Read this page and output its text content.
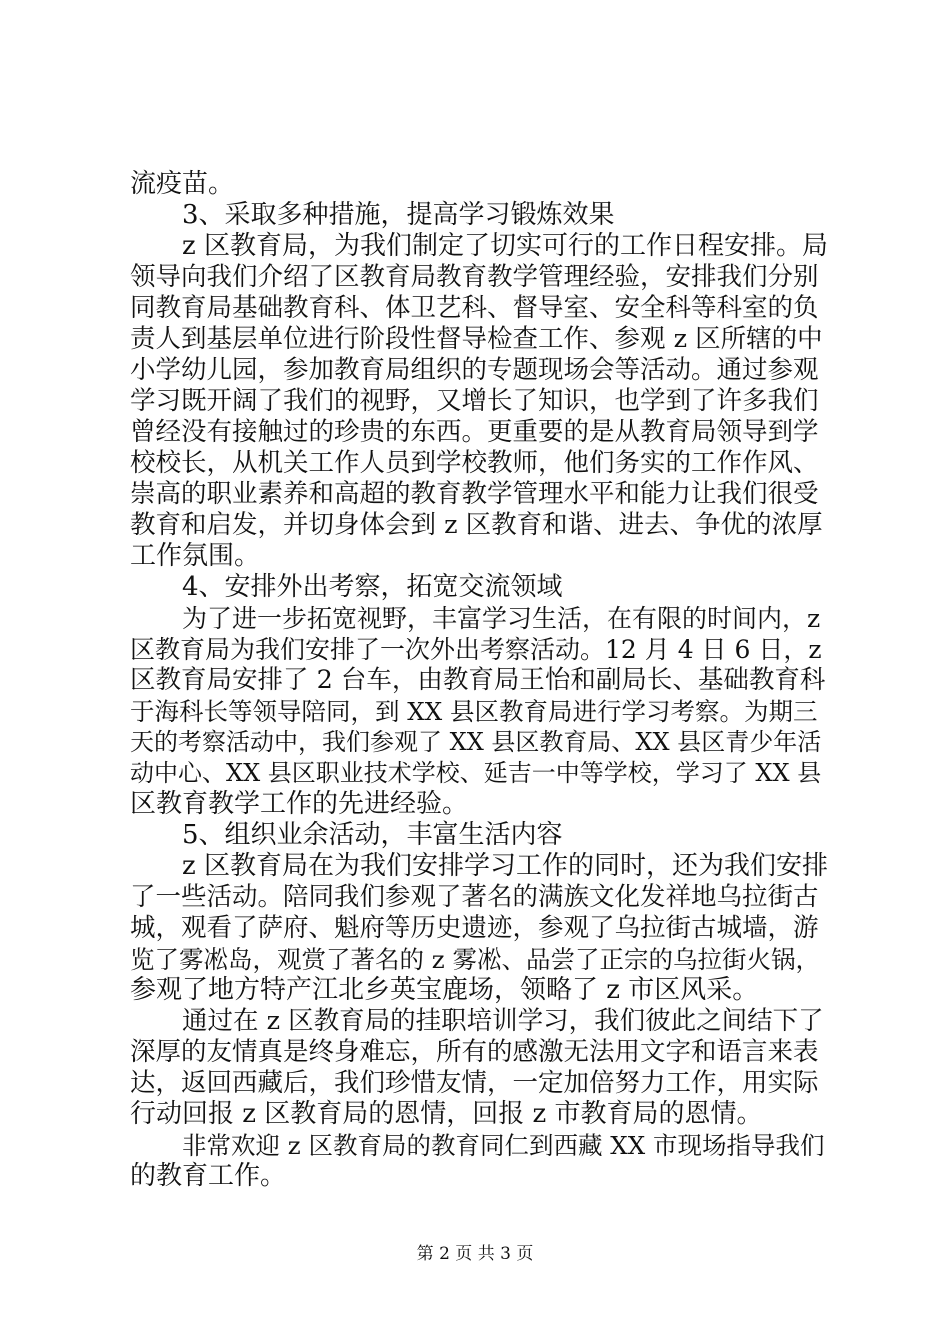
流疫苗。
3、采取多种措施，提高学习锻炼效果
z 区教育局，为我们制定了切实可行的工作日程安排。局
领导向我们介绍了区教育局教育教学管理经验，安排我们分别
同教育局基础教育科、体卫艺科、督导室、安全科等科室的负
责人到基层单位进行阶段性督导检查工作、参观 z 区所辖的中
小学幼儿园，参加教育局组织的专题现场会等活动。通过参观
学习既开阔了我们的视野，又增长了知识，也学到了许多我们
曾经没有接触过的珍贵的东西。更重要的是从教育局领导到学
校校长，从机关工作人员到学校教师，他们务实的工作作风、
崇高的职业素养和高超的教育教学管理水平和能力让我们很受
教育和启发，并切身体会到 z 区教育和谐、进去、争优的浓厚
工作氛围。
4、安排外出考察，拓宽交流领域
为了进一步拓宽视野，丰富学习生活，在有限的时间内，z
区教育局为我们安排了一次外出考察活动。12 月 4 日 6 日，z
区教育局安排了 2 台车，由教育局王怡和副局长、基础教育科
于海科长等领导陪同，到 XX 县区教育局进行学习考察。为期三
天的考察活动中，我们参观了 XX 县区教育局、XX 县区青少年活
动中心、XX 县区职业技术学校、延吉一中等学校，学习了 XX 县
区教育教学工作的先进经验。
5、组织业余活动，丰富生活内容
z 区教育局在为我们安排学习工作的同时，还为我们安排
了一些活动。陪同我们参观了著名的满族文化发祥地乌拉街古
城，观看了萨府、魁府等历史遗迹，参观了乌拉街古城墙，游
览了雾凇岛，观赏了著名的 z 雾凇、品尝了正宗的乌拉街火锅，
参观了地方特产江北乡英宝鹿场，领略了 z 市区风采。
通过在 z 区教育局的挂职培训学习，我们彼此之间结下了
深厚的友情真是终身难忘，所有的感激无法用文字和语言来表
达，返回西藏后，我们珍惜友情，一定加倍努力工作，用实际
行动回报 z 区教育局的恩情，回报 z 市教育局的恩情。
非常欢迎 z 区教育局的教育同仁到西藏 XX 市现场指导我们
的教育工作。
第 2 页 共 3 页
